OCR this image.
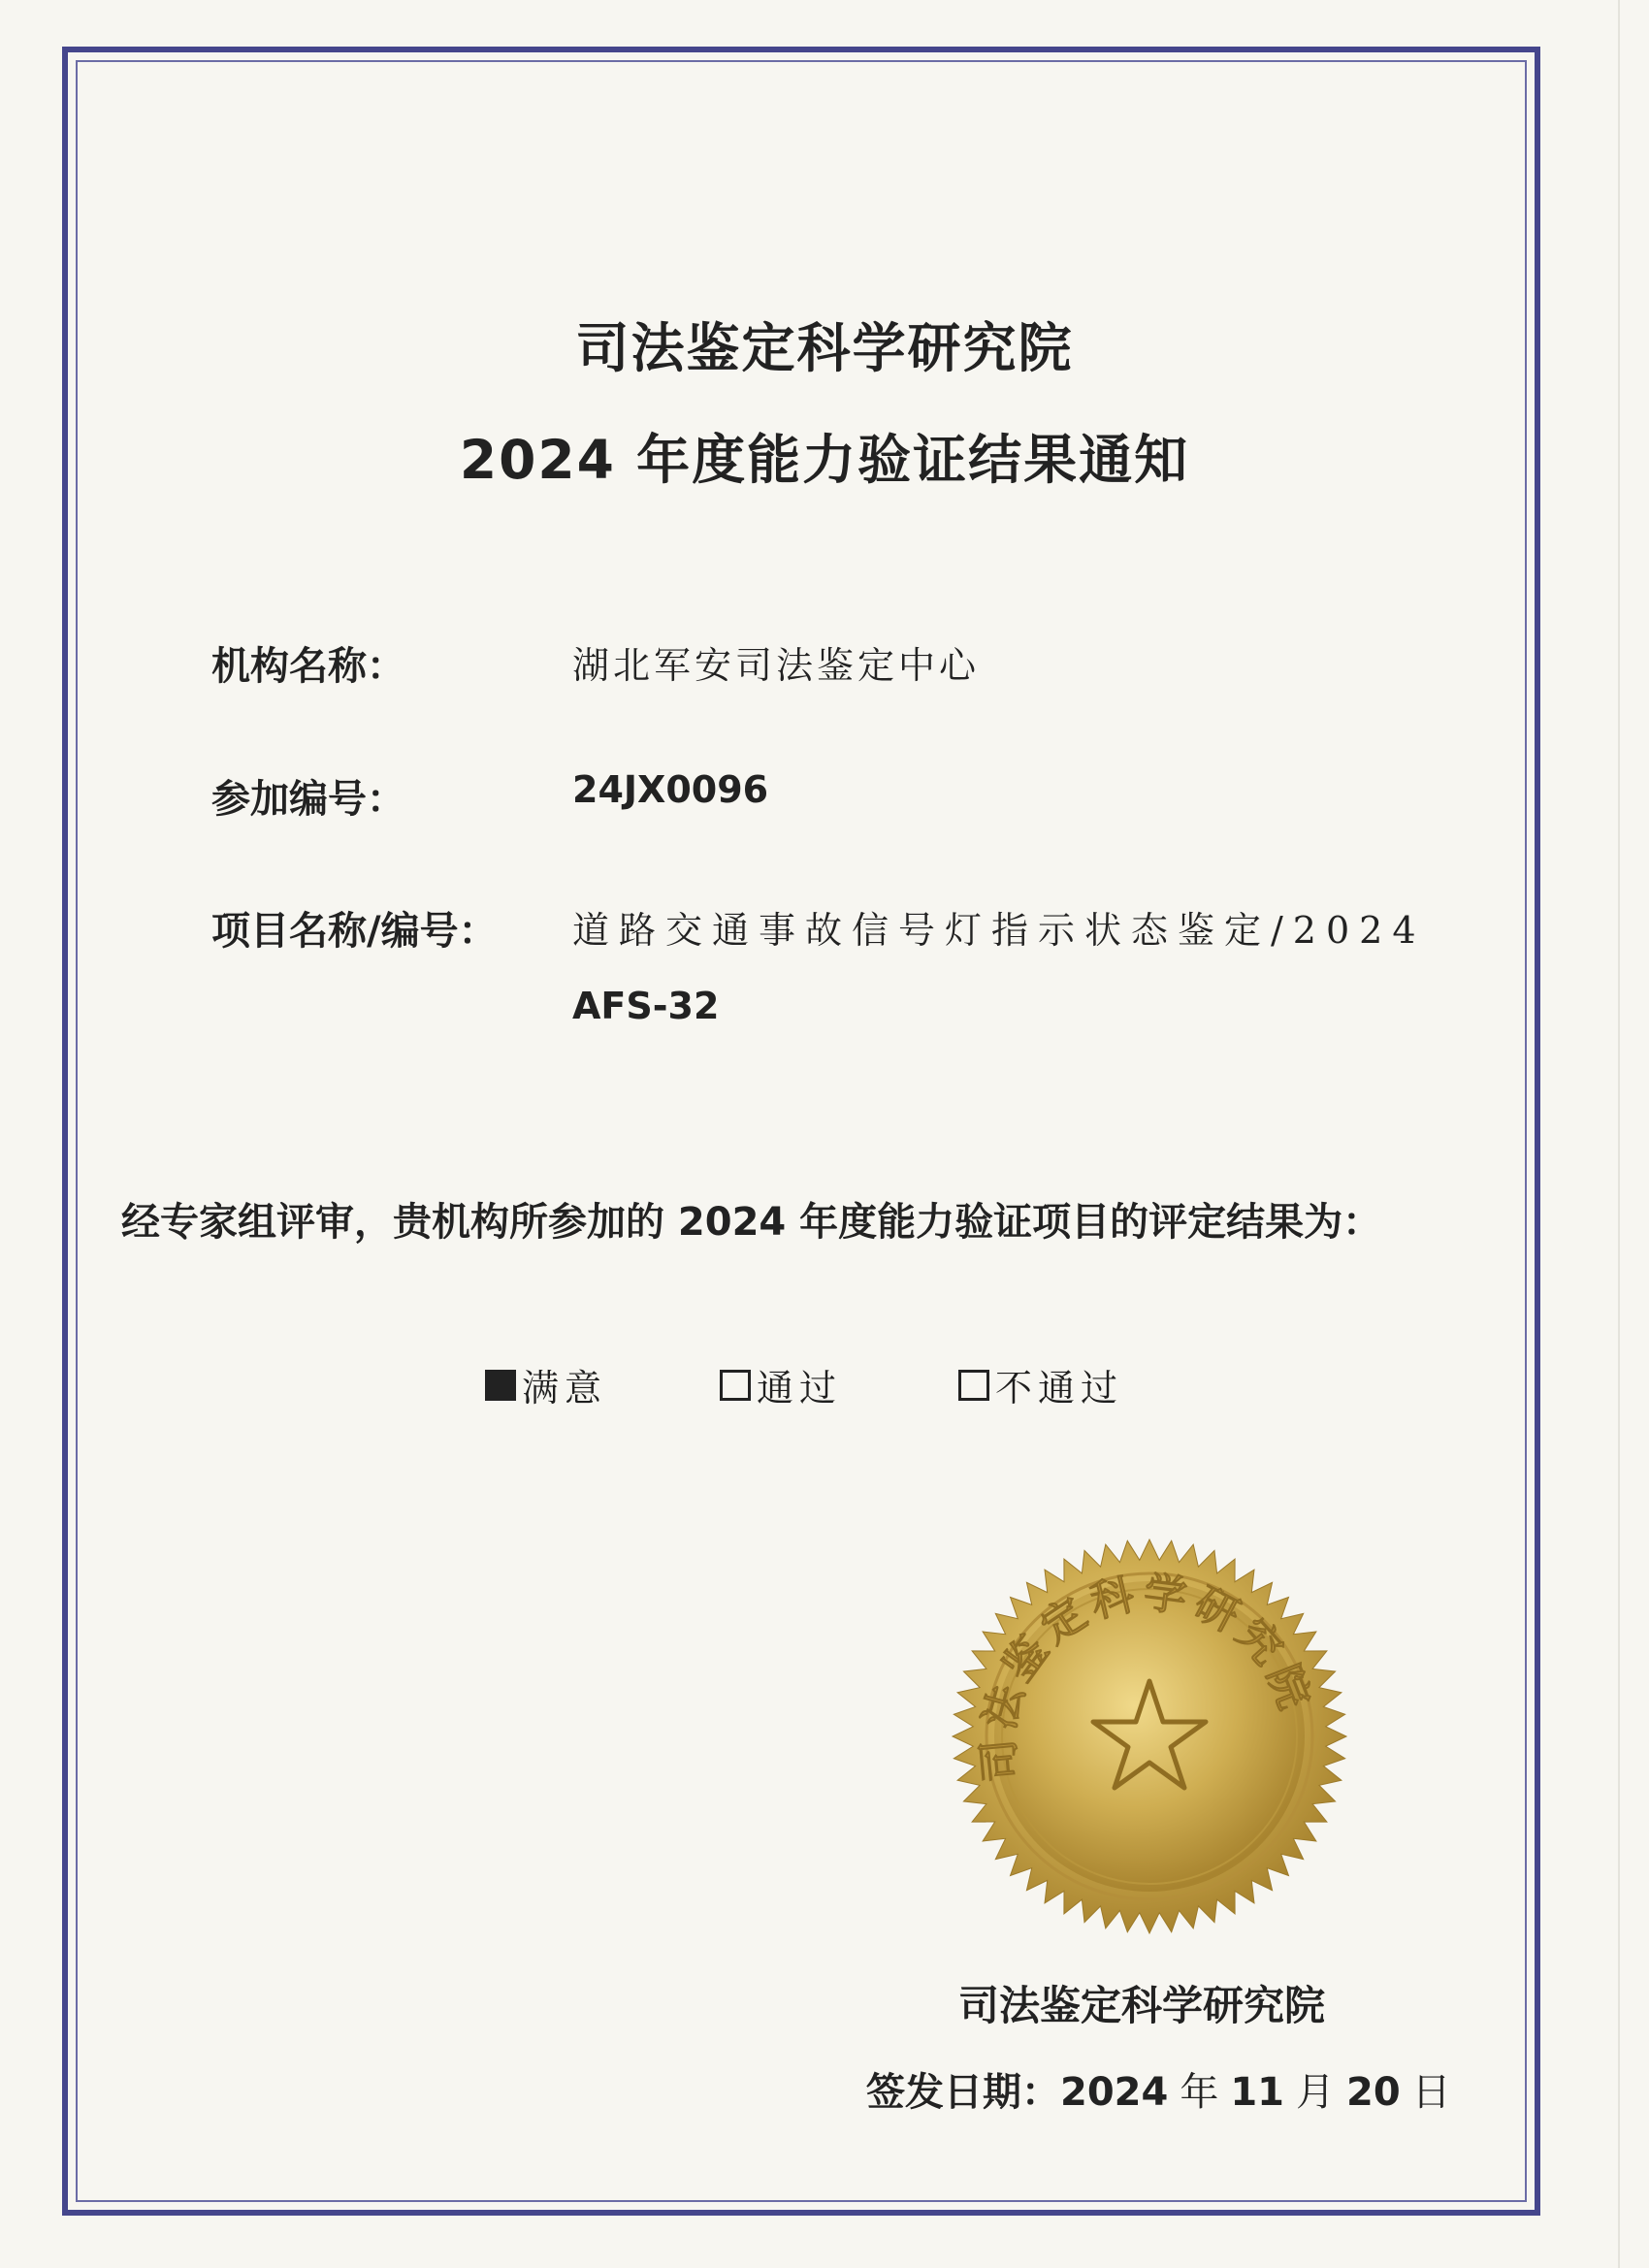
司法鉴定科学研究院
2024 年度能力验证结果通知
机构名称：	湖北军安司法鉴定中心
参加编号：	24JX0096
项目名称/编号： 道路交通事故信号灯指示状态鉴定/2024
AFS-32
经专家组评审，贵机构所参加的 2024 年度能力验证项目的评定结果为：
满意	通过	不通过
司法鉴定科学研究院
司法鉴定科学研究院
签发日期：2024 年 11 月 20 日
